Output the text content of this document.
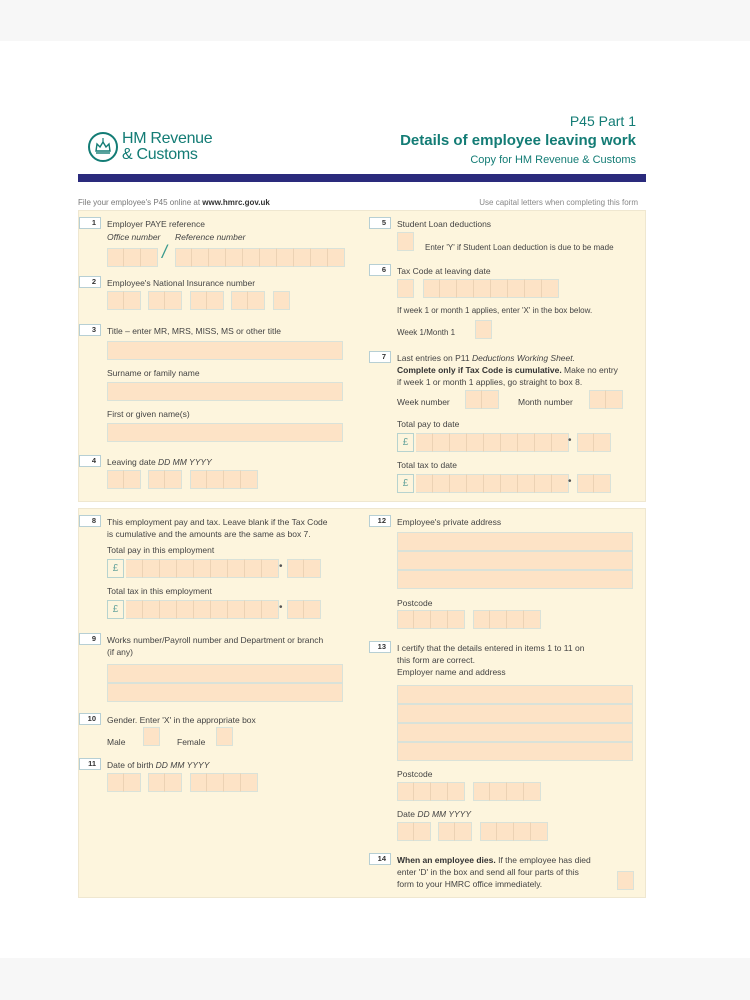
HM Revenue
& Customs
P45 Part 1
Details of employee leaving work
Copy for HM Revenue & Customs
File your employee's P45 online at www.hmrc.gov.uk	Use capital letters when completing this form
1	Employer PAYE reference
Office number Reference number
/
2	Employee's National Insurance number
3	Title – enter MR, MRS, MISS, MS or other title
Surname or family name
First or given name(s)
4	Leaving date DD MM YYYY
5	Student Loan deductions
Enter 'Y' if Student Loan deduction is due to be made
6	Tax Code at leaving date
If week 1 or month 1 applies, enter 'X' in the box below.
Week 1/Month 1
7	Last entries on P11 Deductions Working Sheet.
Complete only if Tax Code is cumulative. Make no entry
if week 1 or month 1 applies, go straight to box 8.
Week number	Month number
Total pay to date
£	•
Total tax to date
£	•
8	This employment pay and tax. Leave blank if the Tax Code
is cumulative and the amounts are the same as box 7.
Total pay in this employment
£	•
Total tax in this employment
£	•
9	Works number/Payroll number and Department or branch
(if any)
10	Gender. Enter 'X' in the appropriate box
Male	Female
11	Date of birth DD MM YYYY
12	Employee's private address
Postcode
13	I certify that the details entered in items 1 to 11 on
this form are correct.
Employer name and address
Postcode
Date DD MM YYYY
14	When an employee dies. If the employee has died
enter 'D' in the box and send all four parts of this
form to your HMRC office immediately.
